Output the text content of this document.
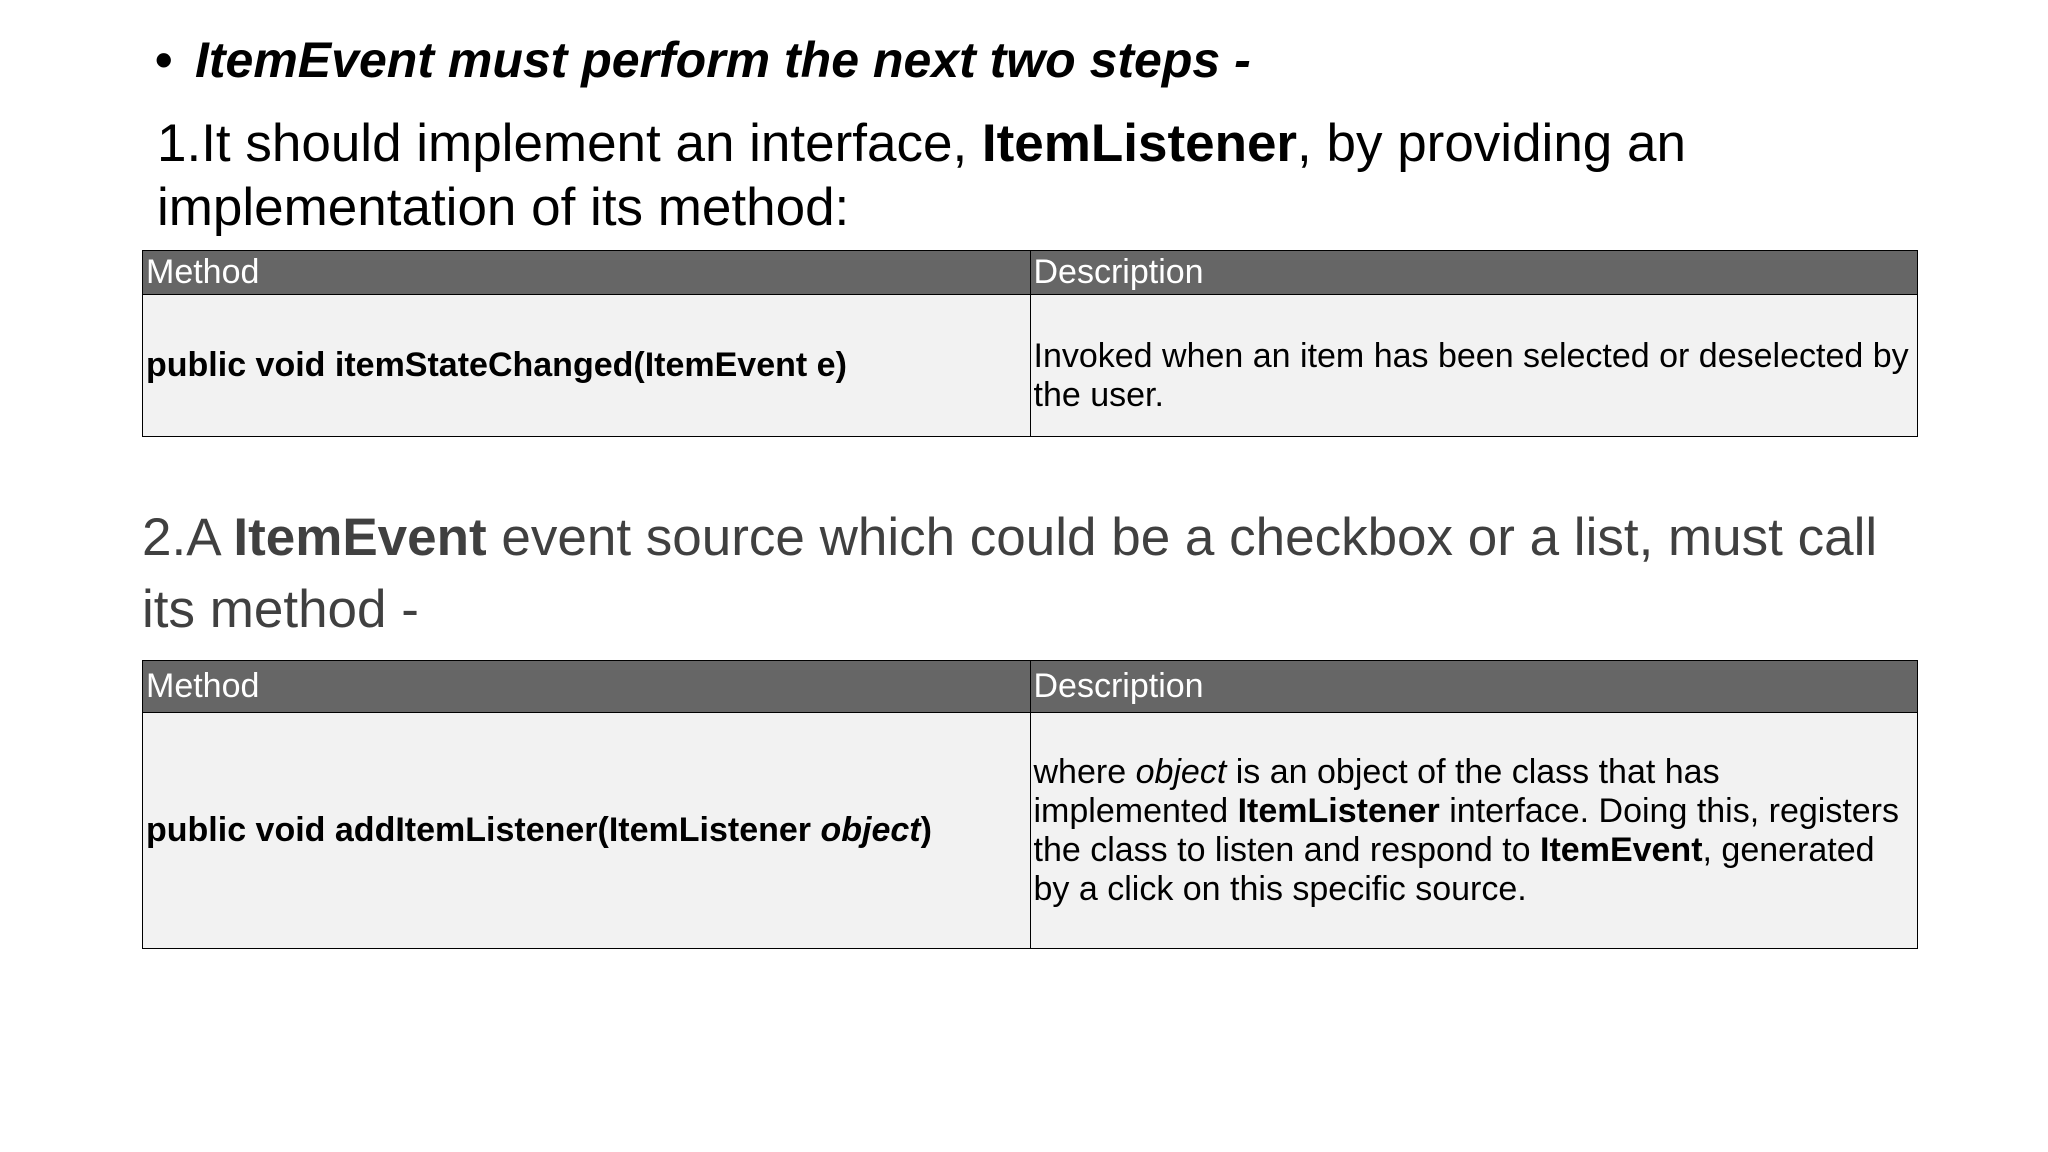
• ItemEvent must perform the next two steps -
1.It should implement an interface, ItemListener, by providing an implementation of its method:
Method	Description
public void itemStateChanged(ItemEvent e)	Invoked when an item has been selected or deselected by the user.
2.A ItemEvent event source which could be a checkbox or a list, must call its method -
Method	Description
public void addItemListener(ItemListener object)	where object is an object of the class that has implemented ItemListener interface. Doing this, registers the class to listen and respond to ItemEvent, generated by a click on this specific source.
